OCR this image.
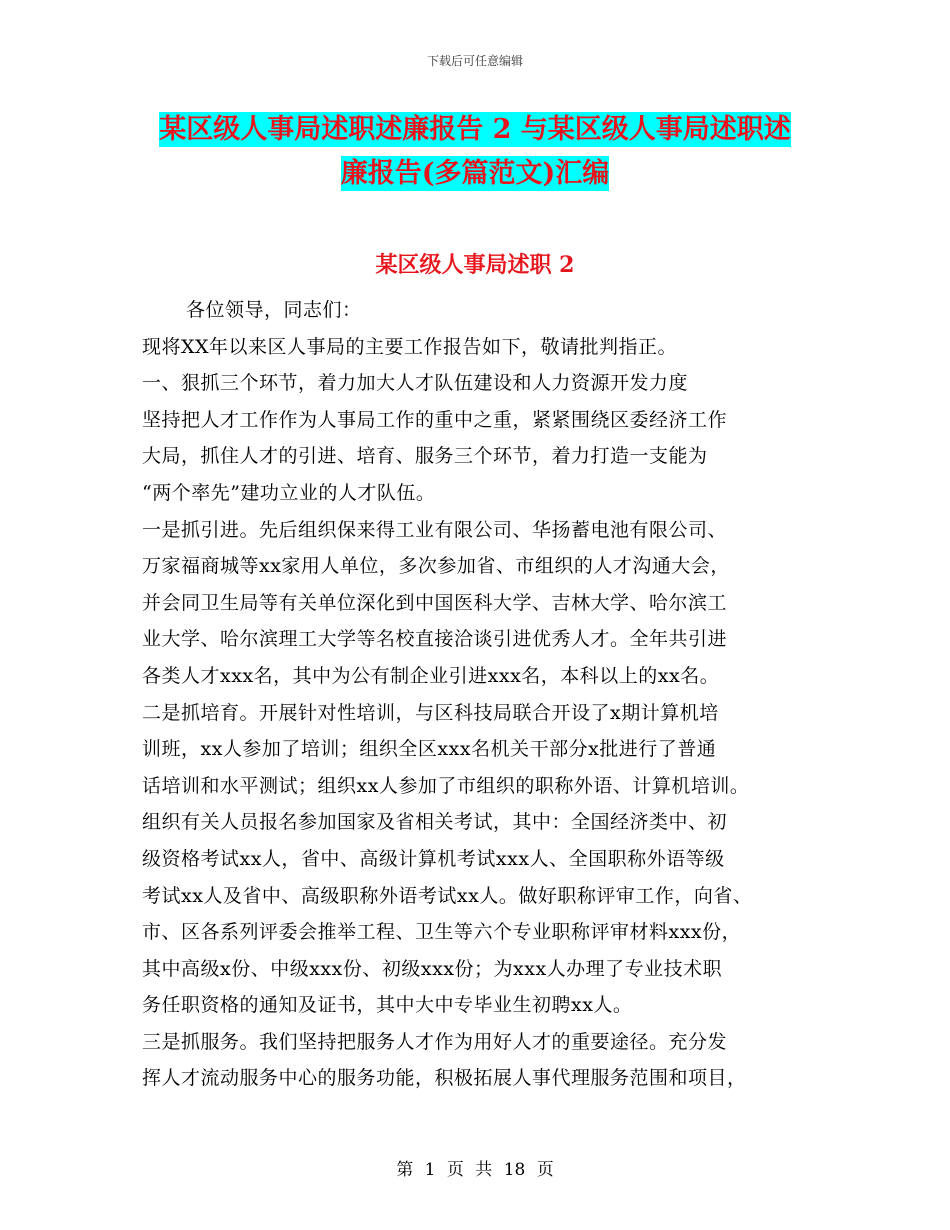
下载后可任意编辑
某区级人事局述职述廉报告 2 与某区级人事局述职述
廉报告(多篇范文)汇编
某区级人事局述职 2

各位领导，同志们：

现将XX年以来区人事局的主要工作报告如下，敬请批判指正。

一、狠抓三个环节，着力加大人才队伍建设和人力资源开发力度

坚持把人才工作作为人事局工作的重中之重，紧紧围绕区委经济工作

大局，抓住人才的引进、培育、服务三个环节，着力打造一支能为

“两个率先”建功立业的人才队伍。

一是抓引进。先后组织保来得工业有限公司、华扬蓄电池有限公司、

万家福商城等xx家用人单位，多次参加省、市组织的人才沟通大会，

并会同卫生局等有关单位深化到中国医科大学、吉林大学、哈尔滨工

业大学、哈尔滨理工大学等名校直接洽谈引进优秀人才。全年共引进

各类人才xxx名，其中为公有制企业引进xxx名，本科以上的xx名。

二是抓培育。开展针对性培训，与区科技局联合开设了x期计算机培

训班，xx人参加了培训；组织全区xxx名机关干部分x批进行了普通

话培训和水平测试；组织xx人参加了市组织的职称外语、计算机培训。

组织有关人员报名参加国家及省相关考试，其中：全国经济类中、初

级资格考试xx人，省中、高级计算机考试xxx人、全国职称外语等级

考试xx人及省中、高级职称外语考试xx人。做好职称评审工作，向省、

市、区各系列评委会推举工程、卫生等六个专业职称评审材料xxx份，

其中高级x份、中级xxx份、初级xxx份；为xxx人办理了专业技术职

务任职资格的通知及证书，其中大中专毕业生初聘xx人。

三是抓服务。我们坚持把服务人才作为用好人才的重要途径。充分发

挥人才流动服务中心的服务功能，积极拓展人事代理服务范围和项目，

第 1 页 共 18 页
